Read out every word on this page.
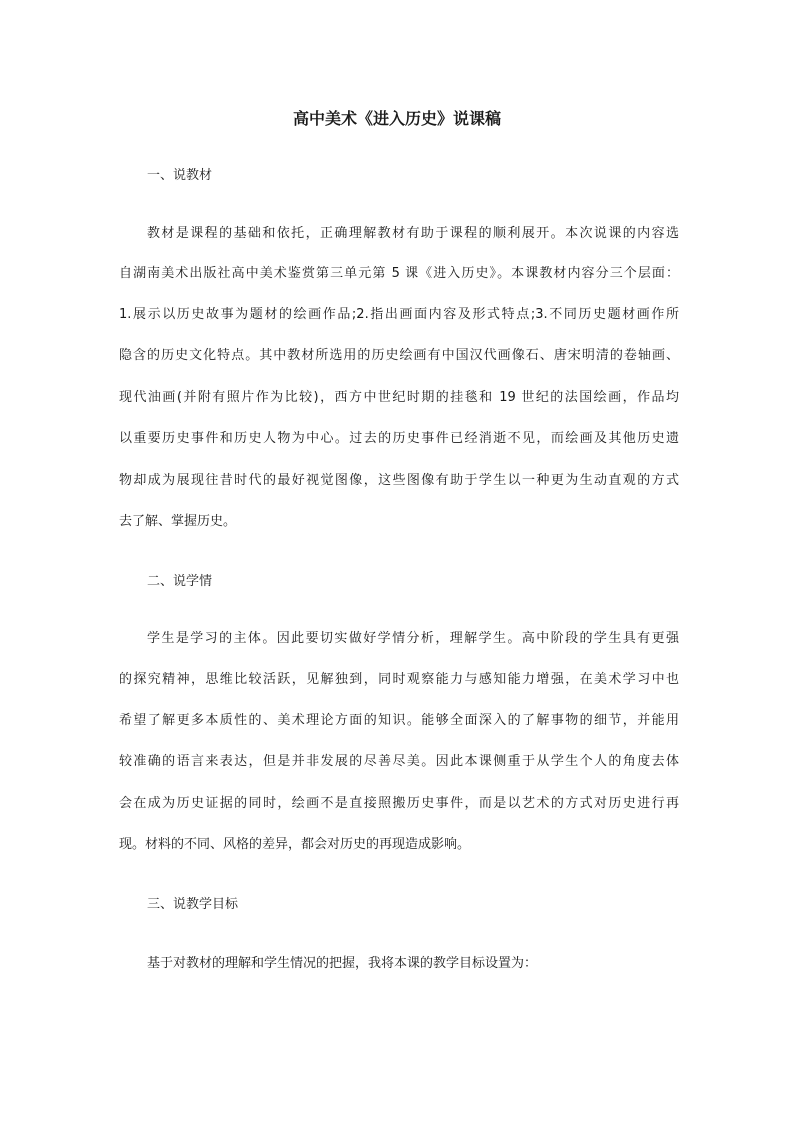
高中美术《进入历史》说课稿
一、说教材
教材是课程的基础和依托，正确理解教材有助于课程的顺利展开。本次说课的内容选
自湖南美术出版社高中美术鉴赏第三单元第 5 课《进入历史》。本课教材内容分三个层面：
1.展示以历史故事为题材的绘画作品;2.指出画面内容及形式特点;3.不同历史题材画作所
隐含的历史文化特点。其中教材所选用的历史绘画有中国汉代画像石、唐宋明清的卷轴画、
现代油画(并附有照片作为比较)，西方中世纪时期的挂毯和 19 世纪的法国绘画，作品均
以重要历史事件和历史人物为中心。过去的历史事件已经消逝不见，而绘画及其他历史遗
物却成为展现往昔时代的最好视觉图像，这些图像有助于学生以一种更为生动直观的方式
去了解、掌握历史。
二、说学情
学生是学习的主体。因此要切实做好学情分析，理解学生。高中阶段的学生具有更强
的探究精神，思维比较活跃，见解独到，同时观察能力与感知能力增强，在美术学习中也
希望了解更多本质性的、美术理论方面的知识。能够全面深入的了解事物的细节，并能用
较准确的语言来表达，但是并非发展的尽善尽美。因此本课侧重于从学生个人的角度去体
会在成为历史证据的同时，绘画不是直接照搬历史事件，而是以艺术的方式对历史进行再
现。材料的不同、风格的差异，都会对历史的再现造成影响。
三、说教学目标
基于对教材的理解和学生情况的把握，我将本课的教学目标设置为：
